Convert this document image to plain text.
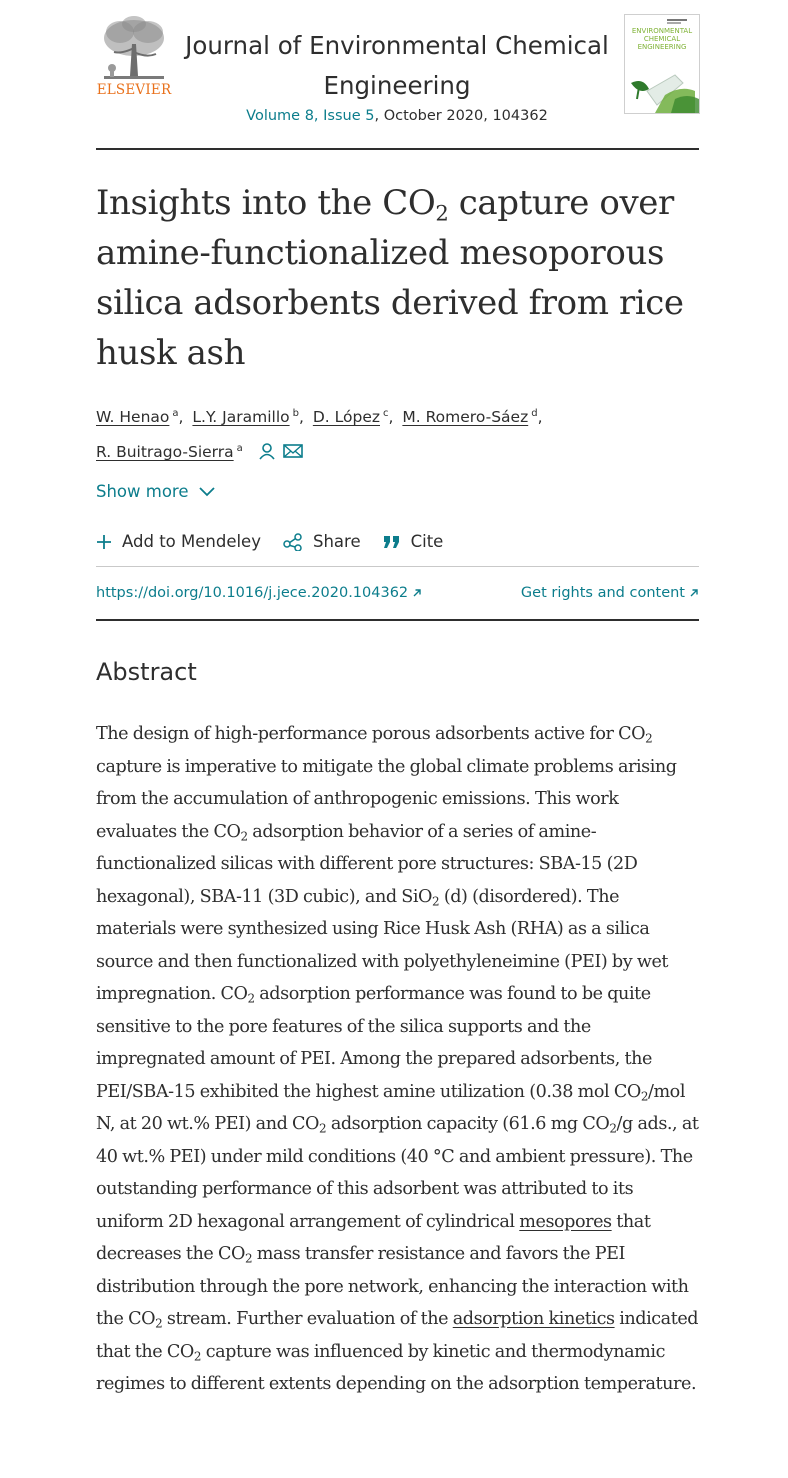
ELSEVIER
Journal of Environmental Chemical Engineering
Volume 8, Issue 5, October 2020, 104362
ENVIRONMENTAL CHEMICAL ENGINEERING
Insights into the $CO_2$ capture over amine-functionalized mesoporous silica adsorbents derived from rice husk ash
W. Henao $^a$, L.Y. Jaramillo $^b$, D. López $^c$, M. Romero-Sáez $^d$,
R. Buitrago-Sierra $^a$
Show more
Add to Mendeley	Share	Cite
https://doi.org/10.1016/j.jece.2020.104362	Get rights and content
Abstract

The design of high-performance porous adsorbents active for $CO_2$ capture is imperative to mitigate the global climate problems arising from the accumulation of anthropogenic emissions. This work evaluates the $CO_2$ adsorption behavior of a series of amine-functionalized silicas with different pore structures: SBA-15 (2D hexagonal), SBA-11 (3D cubic), and SiO$_2$ (d) (disordered). The materials were synthesized using Rice Husk Ash (RHA) as a silica source and then functionalized with polyethyleneimine (PEI) by wet impregnation. $CO_2$ adsorption performance was found to be quite sensitive to the pore features of the silica supports and the impregnated amount of PEI. Among the prepared adsorbents, the PEI/SBA-15 exhibited the highest amine utilization (0.38 mol $CO_2$/mol N, at 20 wt.% PEI) and $CO_2$ adsorption capacity (61.6 mg $CO_2/g$ ads., at 40 wt.% PEI) under mild conditions (40 °C and ambient pressure). The outstanding performance of this adsorbent was attributed to its uniform 2D hexagonal arrangement of cylindrical mesopores that decreases the $CO_2$ mass transfer resistance and favors the PEI distribution through the pore network, enhancing the interaction with the $CO_2$ stream. Further evaluation of the adsorption kinetics indicated that the $CO_2$ capture was influenced by kinetic and thermodynamic regimes to different extents depending on the adsorption temperature.
